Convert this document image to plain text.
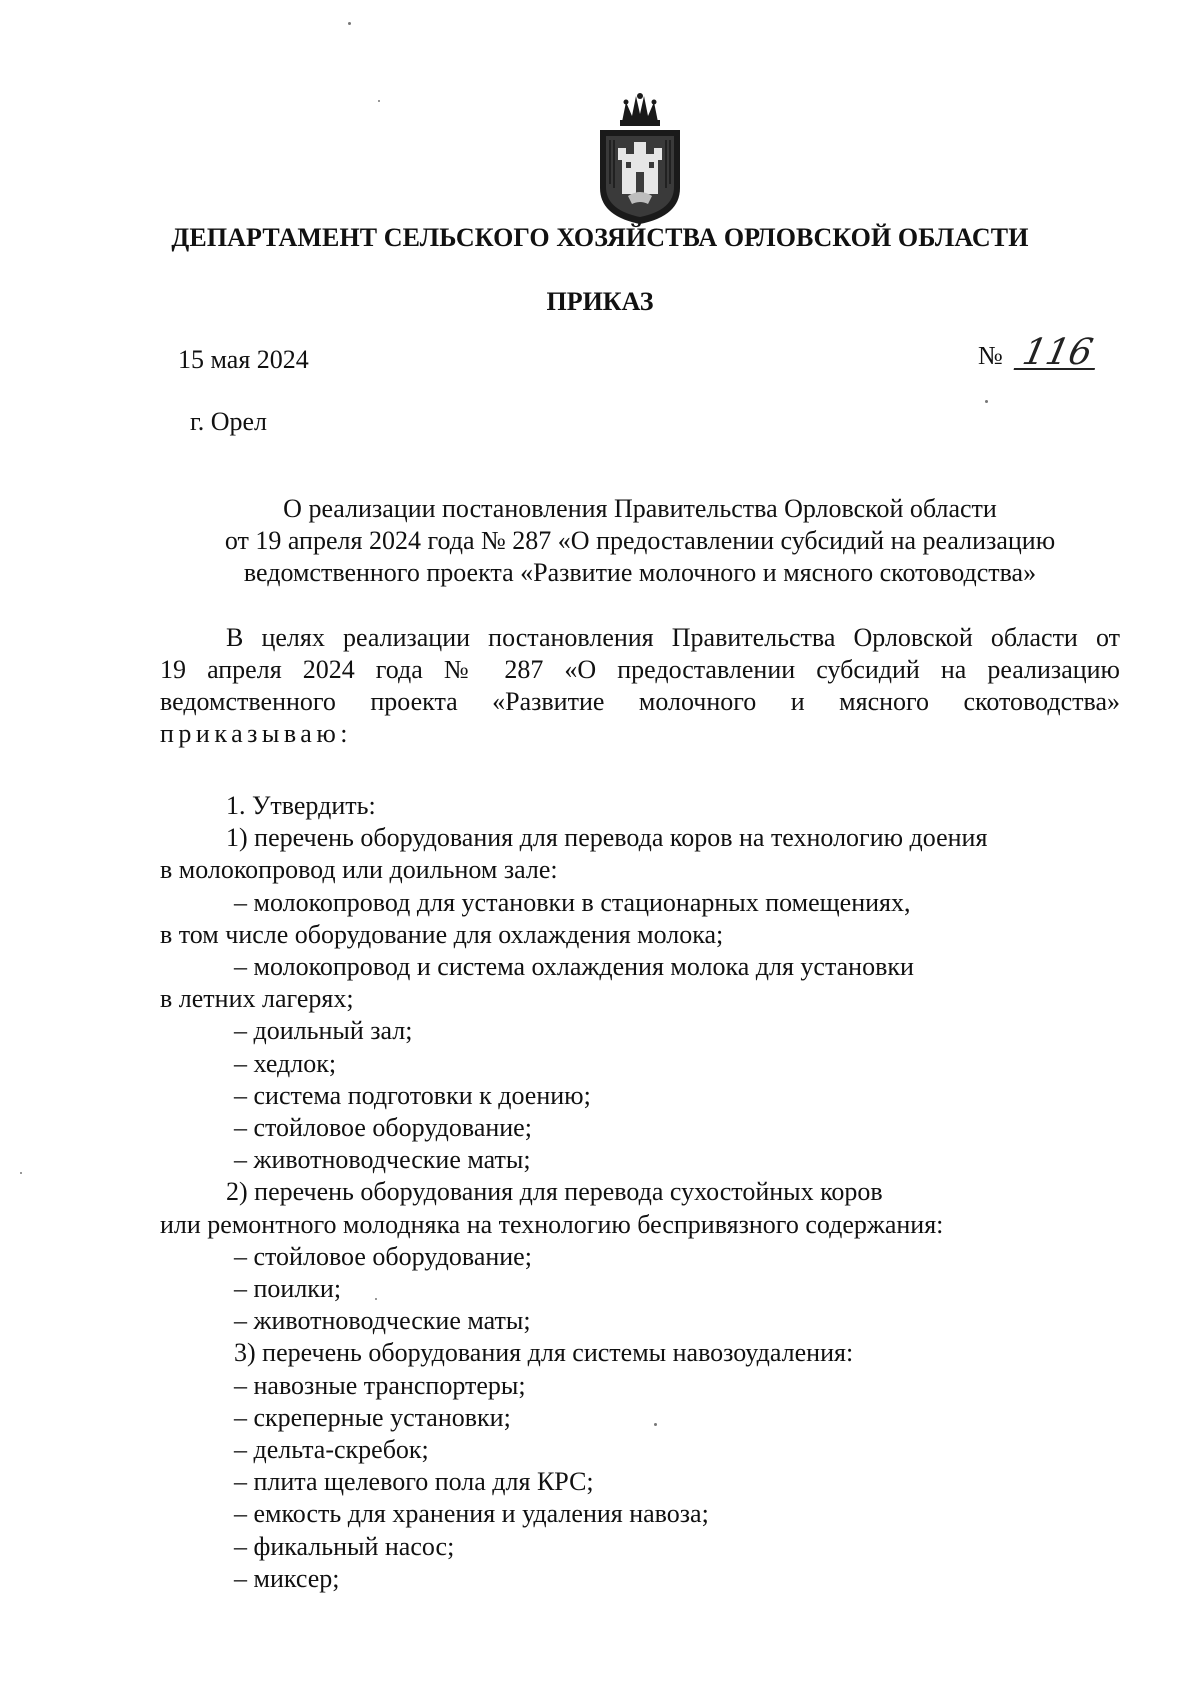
ДЕПАРТАМЕНТ СЕЛЬСКОГО ХОЗЯЙСТВА ОРЛОВСКОЙ ОБЛАСТИ
ПРИКАЗ
15 мая 2024	№ 116
г. Орел
О реализации постановления Правительства Орловской области
от 19 апреля 2024 года № 287 «О предоставлении субсидий на реализацию
ведомственного проекта «Развитие молочного и мясного скотоводства»
В целях реализации постановления Правительства Орловской области от
19 апреля 2024 года № 287 «О предоставлении субсидий на реализацию
ведомственного проекта «Развитие молочного и мясного скотоводства»
приказываю:
1. Утвердить:
1) перечень оборудования для перевода коров на технологию доения
в молокопровод или доильном зале:
– молокопровод для установки в стационарных помещениях,
в том числе оборудование для охлаждения молока;
– молокопровод и система охлаждения молока для установки
в летних лагерях;
– доильный зал;
– хедлок;
– система подготовки к доению;
– стойловое оборудование;
– животноводческие маты;
2) перечень оборудования для перевода сухостойных коров
или ремонтного молодняка на технологию беспривязного содержания:
– стойловое оборудование;
– поилки;
– животноводческие маты;
3) перечень оборудования для системы навозоудаления:
– навозные транспортеры;
– скреперные установки;
– дельта-скребок;
– плита щелевого пола для КРС;
– емкость для хранения и удаления навоза;
– фикальный насос;
– миксер;
